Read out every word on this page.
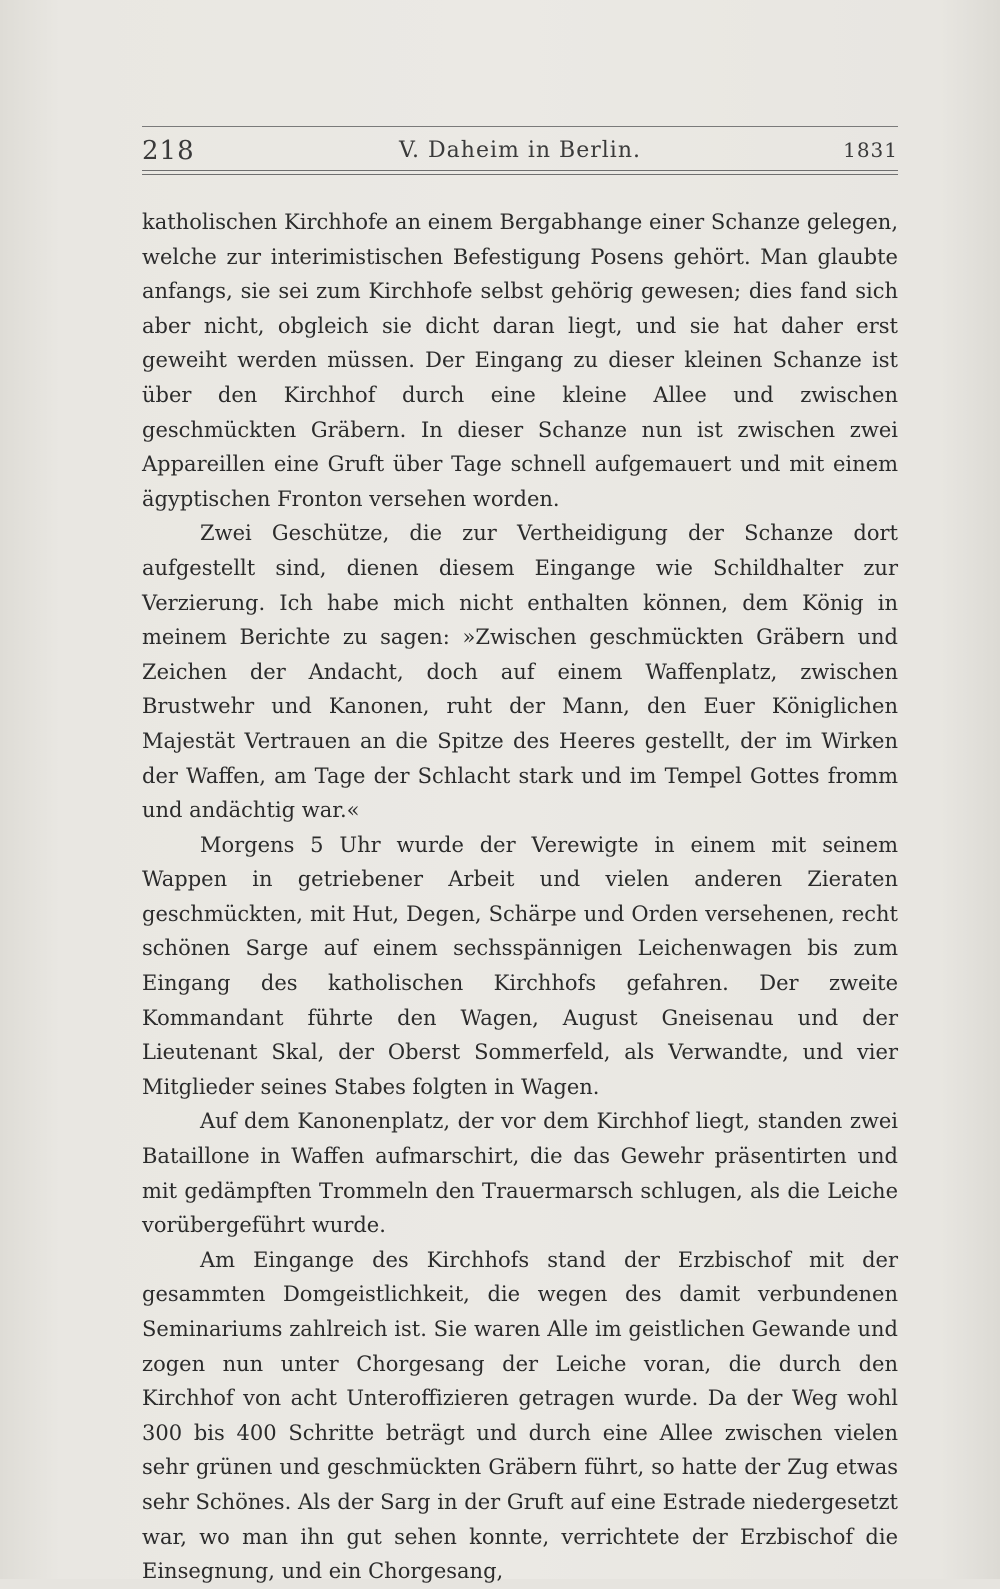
218	V. Daheim in Berlin.	1831

katholischen Kirchhofe an einem Bergabhange einer Schanze gelegen, welche zur interimistischen Befestigung Posens gehört. Man glaubte anfangs, sie sei zum Kirchhofe selbst gehörig gewesen; dies fand sich aber nicht, obgleich sie dicht daran liegt, und sie hat daher erst geweiht werden müssen. Der Eingang zu dieser kleinen Schanze ist über den Kirchhof durch eine kleine Allee und zwischen geschmückten Gräbern. In dieser Schanze nun ist zwischen zwei Appareillen eine Gruft über Tage schnell aufgemauert und mit einem ägyptischen Fronton versehen worden.

Zwei Geschütze, die zur Vertheidigung der Schanze dort aufgestellt sind, dienen diesem Eingange wie Schildhalter zur Verzierung. Ich habe mich nicht enthalten können, dem König in meinem Berichte zu sagen: »Zwischen geschmückten Gräbern und Zeichen der Andacht, doch auf einem Waffenplatz, zwischen Brustwehr und Kanonen, ruht der Mann, den Euer Königlichen Majestät Vertrauen an die Spitze des Heeres gestellt, der im Wirken der Waffen, am Tage der Schlacht stark und im Tempel Gottes fromm und andächtig war.«

Morgens 5 Uhr wurde der Verewigte in einem mit seinem Wappen in getriebener Arbeit und vielen anderen Zieraten geschmückten, mit Hut, Degen, Schärpe und Orden versehenen, recht schönen Sarge auf einem sechsspännigen Leichenwagen bis zum Eingang des katholischen Kirchhofs gefahren. Der zweite Kommandant führte den Wagen, August Gneisenau und der Lieutenant Skal, der Oberst Sommerfeld, als Verwandte, und vier Mitglieder seines Stabes folgten in Wagen.

Auf dem Kanonenplatz, der vor dem Kirchhof liegt, standen zwei Bataillone in Waffen aufmarschirt, die das Gewehr präsentirten und mit gedämpften Trommeln den Trauermarsch schlugen, als die Leiche vorübergeführt wurde.

Am Eingange des Kirchhofs stand der Erzbischof mit der gesammten Domgeistlichkeit, die wegen des damit verbundenen Seminariums zahlreich ist. Sie waren Alle im geistlichen Gewande und zogen nun unter Chorgesang der Leiche voran, die durch den Kirchhof von acht Unteroffizieren getragen wurde. Da der Weg wohl 300 bis 400 Schritte beträgt und durch eine Allee zwischen vielen sehr grünen und geschmückten Gräbern führt, so hatte der Zug etwas sehr Schönes. Als der Sarg in der Gruft auf eine Estrade niedergesetzt war, wo man ihn gut sehen konnte, verrichtete der Erzbischof die Einsegnung, und ein Chorgesang,
